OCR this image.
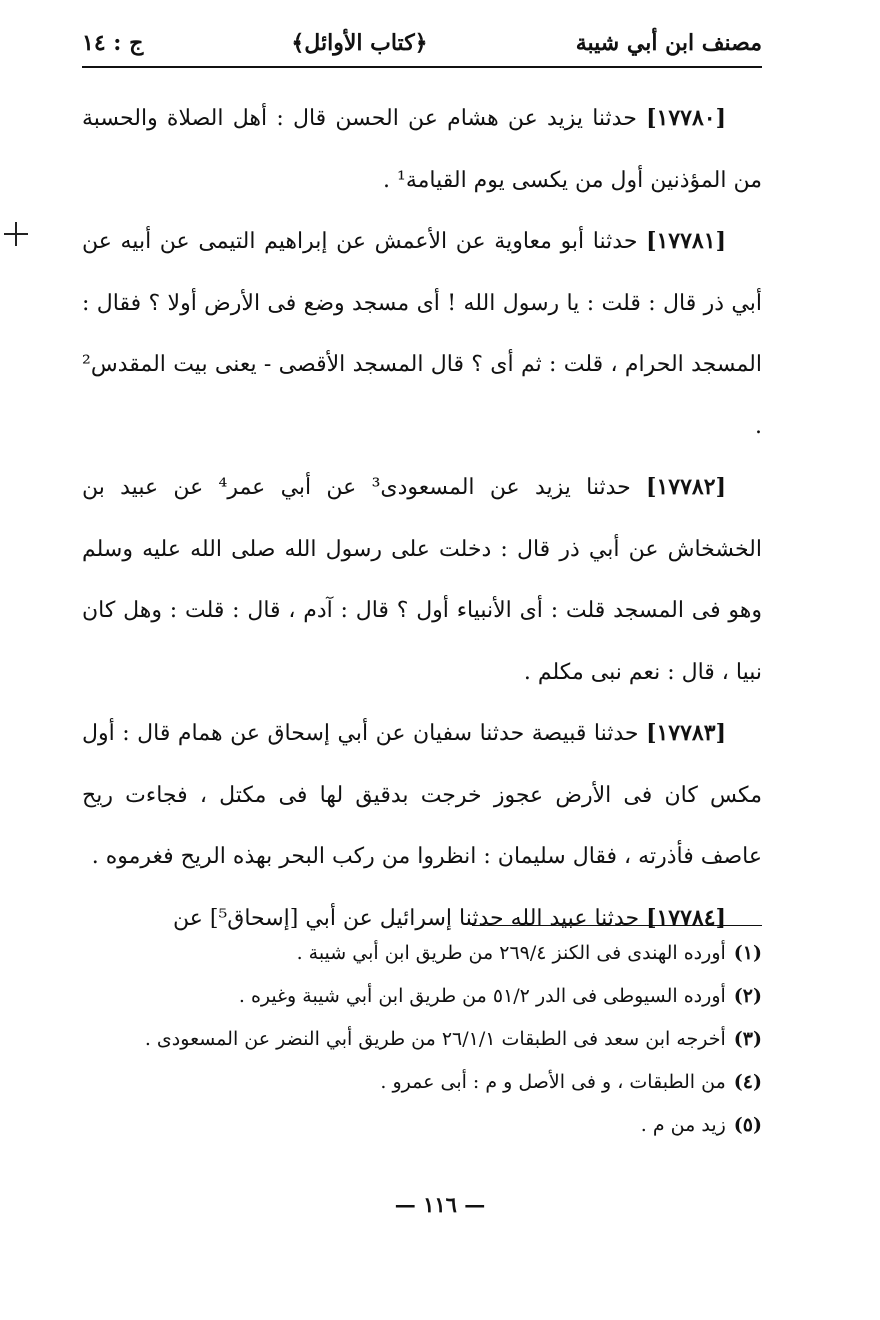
مصنف ابن أبي شيبة
﴿كتاب الأوائل﴾
ج : ١٤

[١٧٧٨٠] حدثنا يزيد عن هشام عن الحسن قال : أهل الصلاة والحسبة من المؤذنين أول من يكسى يوم القيامة¹ .

[١٧٧٨١] حدثنا أبو معاوية عن الأعمش عن إبراهيم التيمى عن أبيه عن أبي ذر قال : قلت : يا رسول الله ! أى مسجد وضع فى الأرض أولا ؟ فقال : المسجد الحرام ، قلت : ثم أى ؟ قال المسجد الأقصى - يعنى بيت المقدس² .

[١٧٧٨٢] حدثنا يزيد عن المسعودى³ عن أبي عمر⁴ عن عبيد بن الخشخاش عن أبي ذر قال : دخلت على رسول الله صلى الله عليه وسلم وهو فى المسجد قلت : أى الأنبياء أول ؟ قال : آدم ، قال : قلت : وهل كان نبيا ، قال : نعم نبى مكلم .

[١٧٧٨٣] حدثنا قبيصة حدثنا سفيان عن أبي إسحاق عن همام قال : أول مكس كان فى الأرض عجوز خرجت بدقيق لها فى مكتل ، فجاءت ريح عاصف فأذرته ، فقال سليمان : انظروا من ركب البحر بهذه الريح فغرموه .

[١٧٧٨٤] حدثنا عبيد الله حدثنا إسرائيل عن أبي [إسحاق⁵] عن

(١)أورده الهندى فى الكنز ٢٦٩/٤ من طريق ابن أبي شيبة .
(٢)أورده السيوطى فى الدر ٥١/٢ من طريق ابن أبي شيبة وغيره .
(٣)أخرجه ابن سعد فى الطبقات ٢٦/١/١ من طريق أبي النضر عن المسعودى .
(٤)من الطبقات ، و فى الأصل و م : أبى عمرو .
(٥)زيد من م .
— ١١٦ —
